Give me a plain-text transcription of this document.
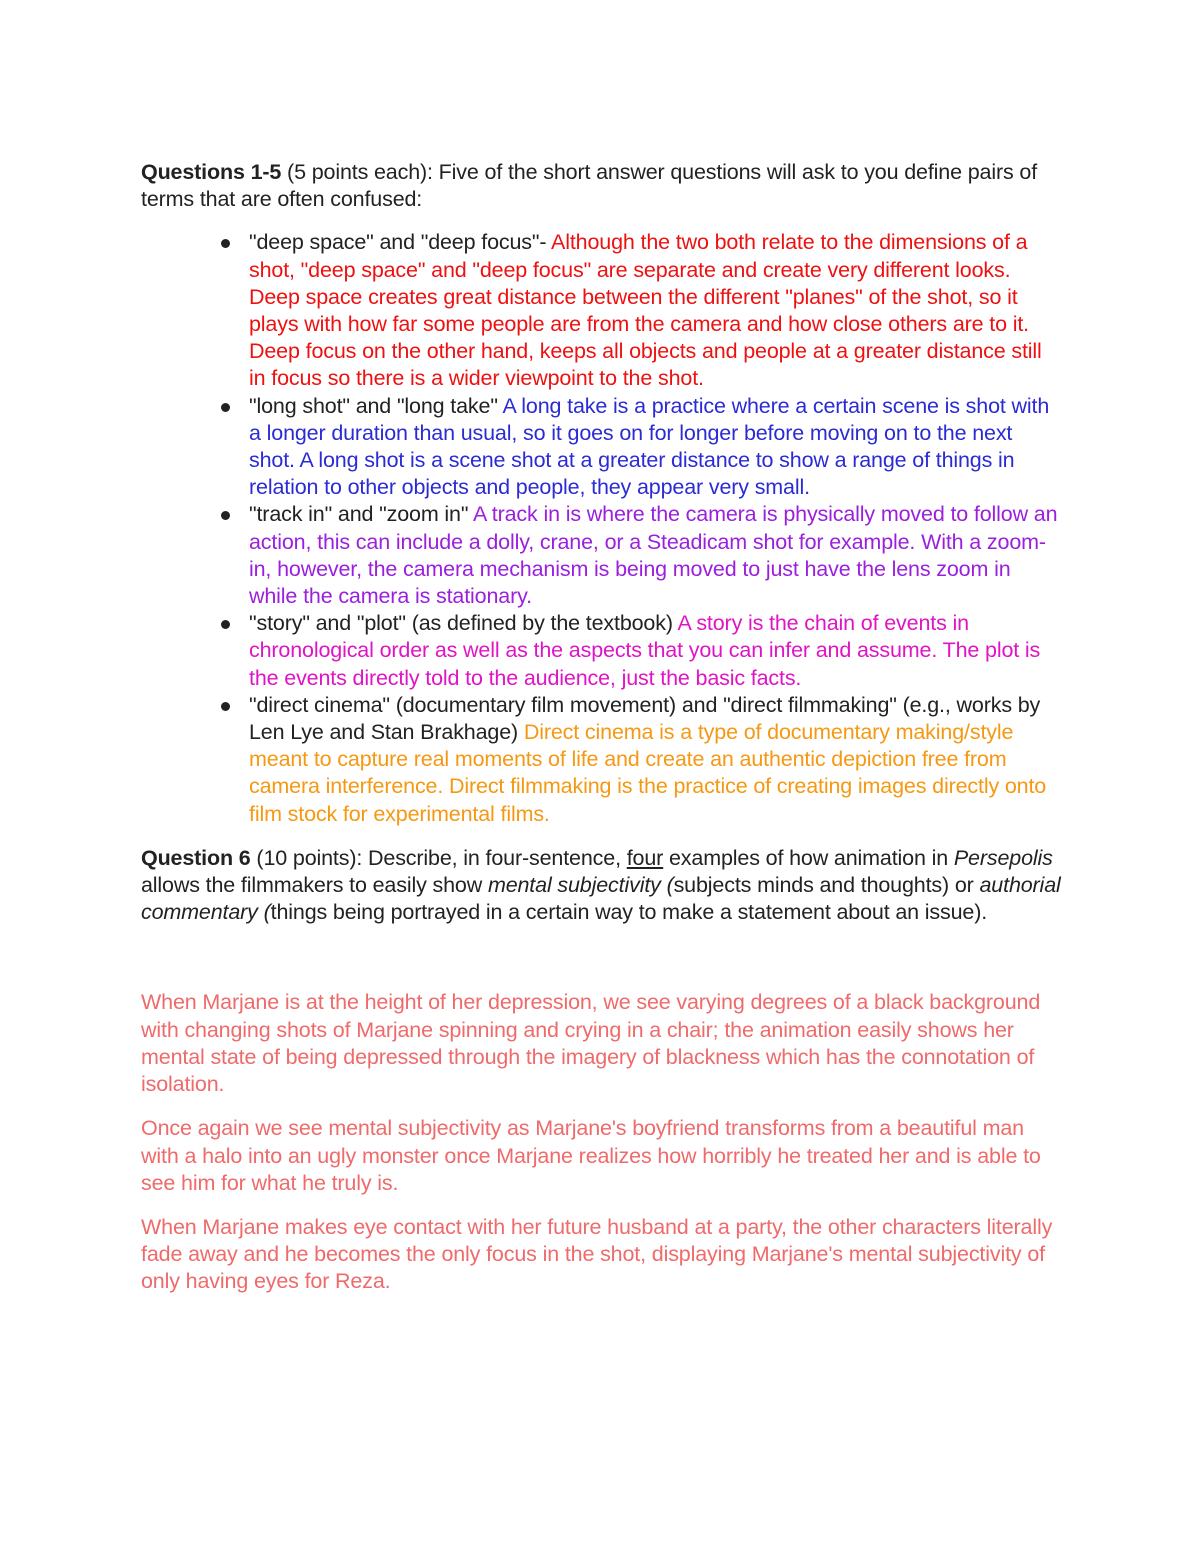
Questions 1-5 (5 points each): Five of the short answer questions will ask to you define pairs of terms that are often confused:

"deep space" and "deep focus"- Although the two both relate to the dimensions of a shot, "deep space" and "deep focus" are separate and create very different looks. Deep space creates great distance between the different "planes" of the shot, so it plays with how far some people are from the camera and how close others are to it. Deep focus on the other hand, keeps all objects and people at a greater distance still in focus so there is a wider viewpoint to the shot.
"long shot" and "long take" A long take is a practice where a certain scene is shot with a longer duration than usual, so it goes on for longer before moving on to the next shot. A long shot is a scene shot at a greater distance to show a range of things in relation to other objects and people, they appear very small.
"track in" and "zoom in" A track in is where the camera is physically moved to follow an action, this can include a dolly, crane, or a Steadicam shot for example. With a zoom-in, however, the camera mechanism is being moved to just have the lens zoom in while the camera is stationary.
"story" and "plot" (as defined by the textbook) A story is the chain of events in chronological order as well as the aspects that you can infer and assume. The plot is the events directly told to the audience, just the basic facts.
"direct cinema" (documentary film movement) and "direct filmmaking" (e.g., works by Len Lye and Stan Brakhage) Direct cinema is a type of documentary making/style meant to capture real moments of life and create an authentic depiction free from camera interference. Direct filmmaking is the practice of creating images directly onto film stock for experimental films.

Question 6 (10 points): Describe, in four-sentence, four examples of how animation in Persepolis allows the filmmakers to easily show mental subjectivity (subjects minds and thoughts) or authorial commentary (things being portrayed in a certain way to make a statement about an issue).

When Marjane is at the height of her depression, we see varying degrees of a black background with changing shots of Marjane spinning and crying in a chair; the animation easily shows her mental state of being depressed through the imagery of blackness which has the connotation of isolation.

Once again we see mental subjectivity as Marjane's boyfriend transforms from a beautiful man with a halo into an ugly monster once Marjane realizes how horribly he treated her and is able to see him for what he truly is.

When Marjane makes eye contact with her future husband at a party, the other characters literally fade away and he becomes the only focus in the shot, displaying Marjane's mental subjectivity of only having eyes for Reza.
